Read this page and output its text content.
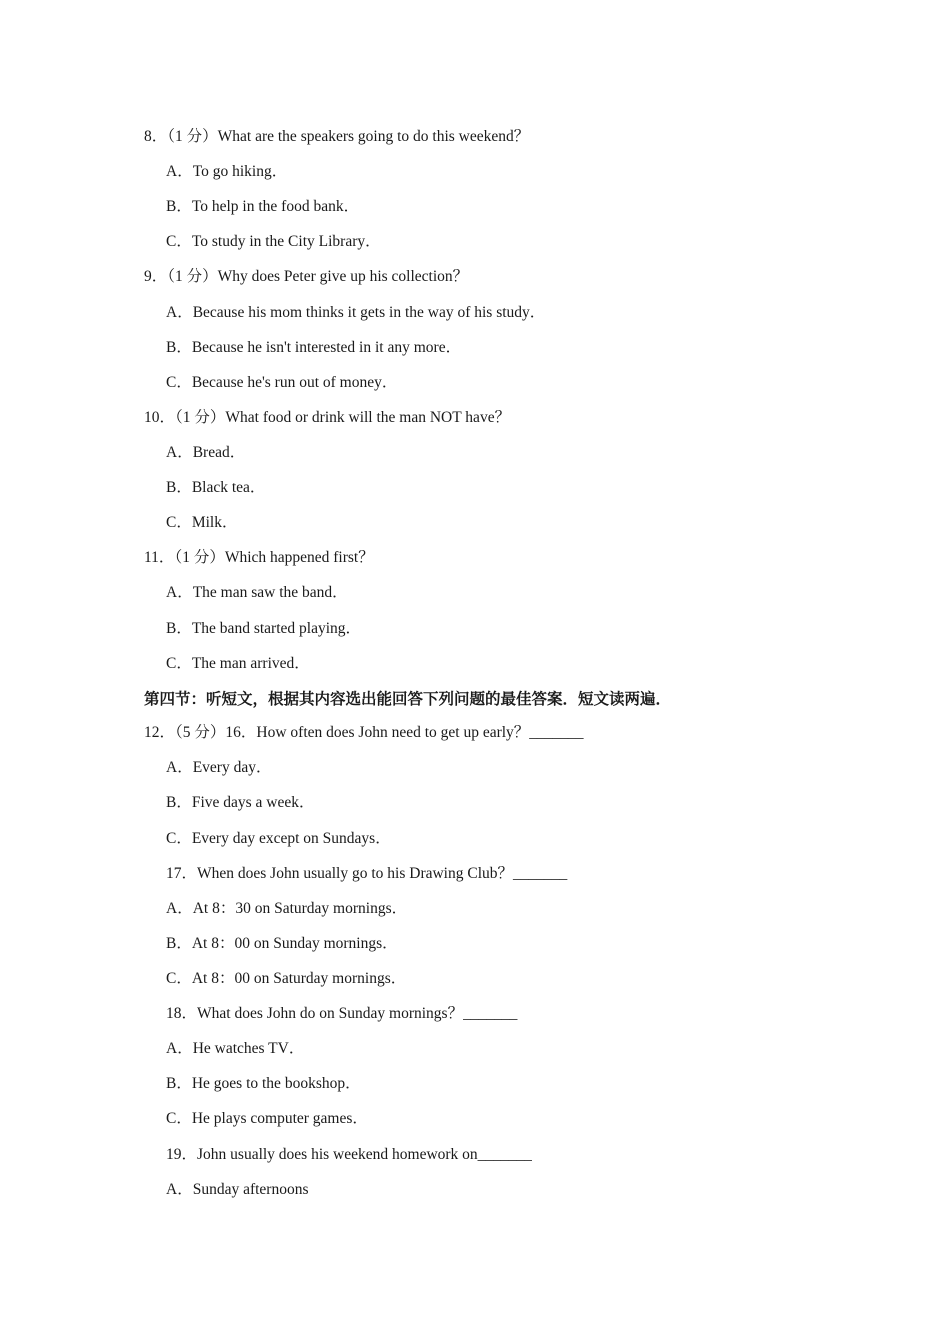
8．（1 分）What are the speakers going to do this weekend？
A．To go hiking．
B．To help in the food bank．
C．To study in the City Library．
9．（1 分）Why does Peter give up his collection？
A．Because his mom thinks it gets in the way of his study．
B．Because he isn't interested in it any more．
C．Because he's run out of money．
10．（1 分）What food or drink will the man NOT have？
A．Bread．
B．Black tea．
C．Milk．
11．（1 分）Which happened first？
A．The man saw the band．
B．The band started playing．
C．The man arrived．
第四节：听短文，根据其内容选出能回答下列问题的最佳答案．短文读两遍．
12．（5 分）16．How often does John need to get up early？_______
A．Every day．
B．Five days a week．
C．Every day except on Sundays．
17．When does John usually go to his Drawing Club？_______
A．At 8：30 on Saturday mornings．
B．At 8：00 on Sunday mornings．
C．At 8：00 on Saturday mornings．
18．What does John do on Sunday mornings？_______
A．He watches TV．
B．He goes to the bookshop．
C．He plays computer games．
19．John usually does his weekend homework on_______
A．Sunday afternoons
